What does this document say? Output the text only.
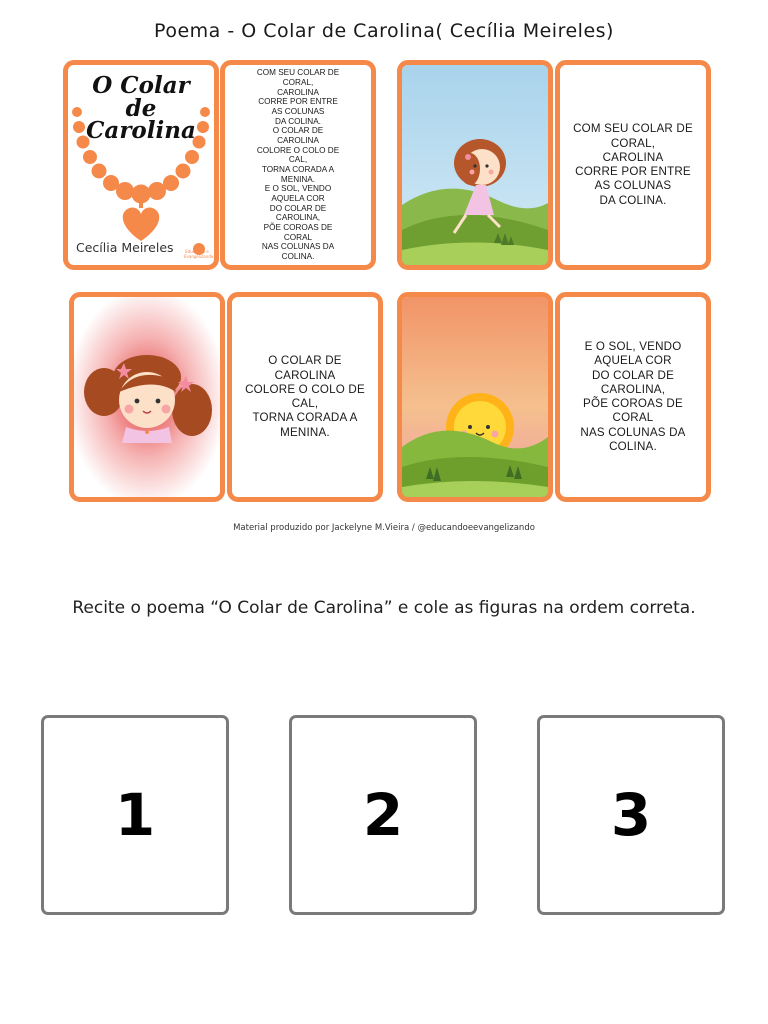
Poema - O Colar de Carolina( Cecília Meireles)
O Colar
de
Carolina
Cecília Meireles	Educando e Evangelizando

COM SEU COLAR DE
CORAL,
CAROLINA
CORRE POR ENTRE
AS COLUNAS
DA COLINA.
O COLAR DE
CAROLINA
COLORE O COLO DE
CAL,
TORNA CORADA A
MENINA.
E O SOL, VENDO
AQUELA COR
DO COLAR DE
CAROLINA,
PÕE COROAS DE
CORAL
NAS COLUNAS DA
COLINA.

COM SEU COLAR DE
CORAL,
CAROLINA
CORRE POR ENTRE
AS COLUNAS
DA COLINA.

O COLAR DE
CAROLINA
COLORE O COLO DE
CAL,
TORNA CORADA A
MENINA.

E O SOL, VENDO
AQUELA COR
DO COLAR DE
CAROLINA,
PÕE COROAS DE
CORAL
NAS COLUNAS DA
COLINA.

Material produzido por Jackelyne M.Vieira / @educandoeevangelizando
Recite o poema “O Colar de Carolina” e cole as figuras na ordem correta.
1	2	3
